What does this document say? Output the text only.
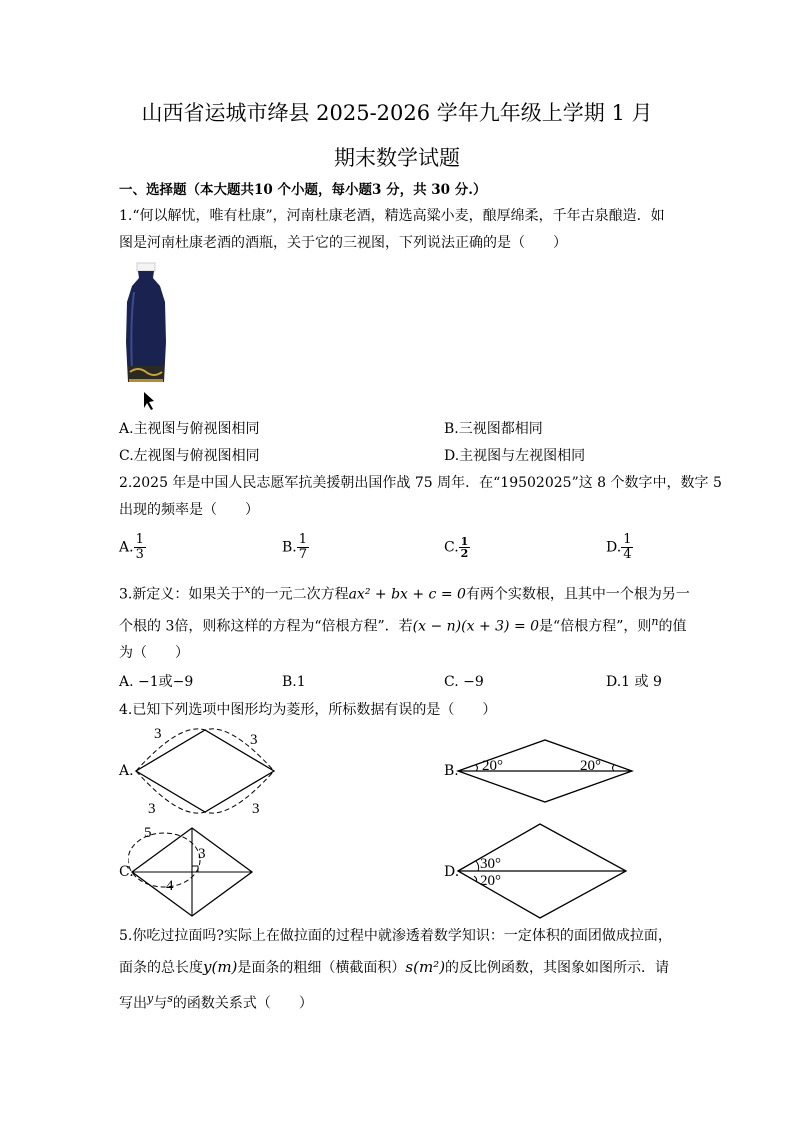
山西省运城市绛县 2025-2026 学年九年级上学期 1 月
期末数学试题
一、选择题（本大题共10 个小题，每小题3 分，共 30 分.）
1.“何以解忧，唯有杜康”，河南杜康老酒，精选高粱小麦，酿厚绵柔，千年古泉酿造．如
图是河南杜康老酒的酒瓶，关于它的三视图，下列说法正确的是（　　）
A.主视图与俯视图相同	B.三视图都相同
C.左视图与俯视图相同	D.主视图与左视图相同
2.2025 年是中国人民志愿军抗美援朝出国作战 75 周年．在“19502025”这 8 个数字中，数字 5
出现的频率是（　　）
A. $\frac{1}{3}$	B. $\frac{1}{7}$	C. $\frac{1}{2}$	D. $\frac{1}{4}$
3.新定义：如果关于$^x$的一元二次方程ax² + bx + c = 0有两个实数根，且其中一个根为另一
个根的 3倍，则称这样的方程为“倍根方程”．若(x − n)(x + 3) = 0是“倍根方程”，则$^n$的值
为（　　）
A. −1或−9	B.1	C. −9	D.1 或 9
4.已知下列选项中图形均为菱形，所标数据有误的是（　　）
A.
3	3
3	3
B. 20°	20°
C.
5
3
4
D. 30°
20°
5.你吃过拉面吗?实际上在做拉面的过程中就渗透着数学知识：一定体积的面团做成拉面，
面条的总长度y(m)是面条的粗细（横截面积）s(m²)的反比例函数，其图象如图所示．请
写出$^y$与$^s$的函数关系式（　　）
